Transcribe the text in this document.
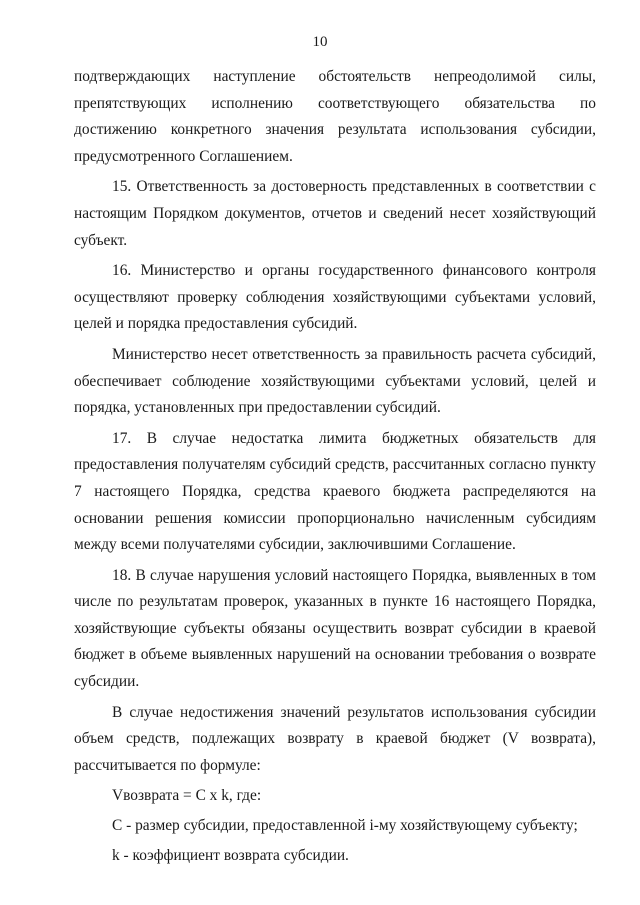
10

подтверждающих наступление обстоятельств непреодолимой силы, препятствующих исполнению соответствующего обязательства по достижению конкретного значения результата использования субсидии, предусмотренного Соглашением.

15. Ответственность за достоверность представленных в соответствии с настоящим Порядком документов, отчетов и сведений несет хозяйствующий субъект.

16. Министерство и органы государственного финансового контроля осуществляют проверку соблюдения хозяйствующими субъектами условий, целей и порядка предоставления субсидий.

Министерство несет ответственность за правильность расчета субсидий, обеспечивает соблюдение хозяйствующими субъектами условий, целей и порядка, установленных при предоставлении субсидий.

17. В случае недостатка лимита бюджетных обязательств для предоставления получателям субсидий средств, рассчитанных согласно пункту 7 настоящего Порядка, средства краевого бюджета распределяются на основании решения комиссии пропорционально начисленным субсидиям между всеми получателями субсидии, заключившими Соглашение.

18. В случае нарушения условий настоящего Порядка, выявленных в том числе по результатам проверок, указанных в пункте 16 настоящего Порядка, хозяйствующие субъекты обязаны осуществить возврат субсидии в краевой бюджет в объеме выявленных нарушений на основании требования о возврате субсидии.

В случае недостижения значений результатов использования субсидии объем средств, подлежащих возврату в краевой бюджет (V возврата), рассчитывается по формуле:

Vвозврата = C x k, где:

C - размер субсидии, предоставленной i-му хозяйствующему субъекту;

k - коэффициент возврата субсидии.
